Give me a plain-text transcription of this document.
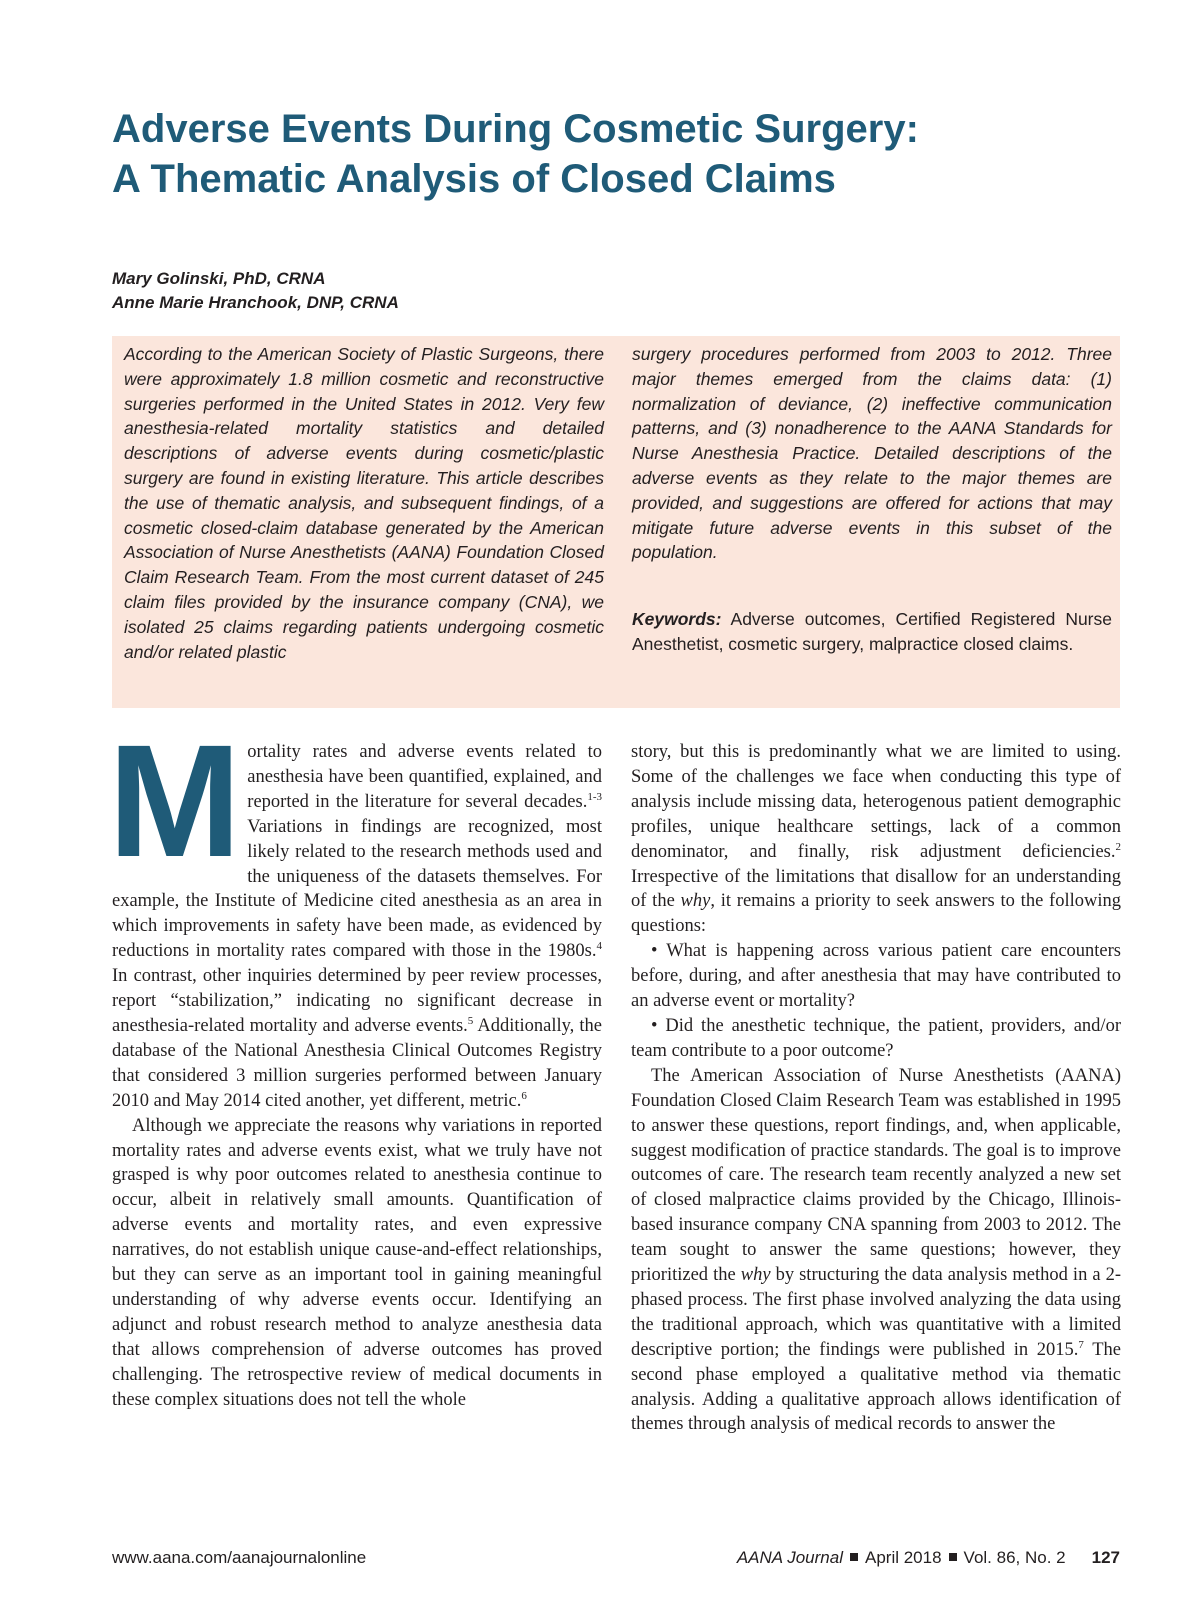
Adverse Events During Cosmetic Surgery:
A Thematic Analysis of Closed Claims
Mary Golinski, PhD, CRNA
Anne Marie Hranchook, DNP, CRNA
According to the American Society of Plastic Surgeons, there were approximately 1.8 million cosmetic and reconstructive surgeries performed in the United States in 2012. Very few anesthesia-related mortality statistics and detailed descriptions of adverse events during cosmetic/plastic surgery are found in existing literature. This article describes the use of thematic analysis, and subsequent findings, of a cosmetic closed-claim database generated by the American Association of Nurse Anesthetists (AANA) Foundation Closed Claim Research Team. From the most current dataset of 245 claim files provided by the insurance company (CNA), we isolated 25 claims regarding patients undergoing cosmetic and/or related plastic
surgery procedures performed from 2003 to 2012. Three major themes emerged from the claims data: (1) normalization of deviance, (2) ineffective communication patterns, and (3) nonadherence to the AANA Standards for Nurse Anesthesia Practice. Detailed descriptions of the adverse events as they relate to the major themes are provided, and suggestions are offered for actions that may mitigate future adverse events in this subset of the population.
Keywords: Adverse outcomes, Certified Registered Nurse Anesthetist, cosmetic surgery, malpractice closed claims.

Mortality rates and adverse events related to anesthesia have been quantified, explained, and reported in the literature for several decades.$^{1-3}$ Variations in findings are recognized, most likely related to the research methods used and the uniqueness of the datasets themselves. For example, the Institute of Medicine cited anesthesia as an area in which improvements in safety have been made, as evidenced by reductions in mortality rates compared with those in the 1980s.$^4$ In contrast, other inquiries determined by peer review processes, report “stabilization,” indicating no significant decrease in anesthesia-related mortality and adverse events.$^5$ Additionally, the database of the National Anesthesia Clinical Outcomes Registry that considered 3 million surgeries performed between January 2010 and May 2014 cited another, yet different, metric.$^6$

Although we appreciate the reasons why variations in reported mortality rates and adverse events exist, what we truly have not grasped is why poor outcomes related to anesthesia continue to occur, albeit in relatively small amounts. Quantification of adverse events and mortality rates, and even expressive narratives, do not establish unique cause-and-effect relationships, but they can serve as an important tool in gaining meaningful understanding of why adverse events occur. Identifying an adjunct and robust research method to analyze anesthesia data that allows comprehension of adverse outcomes has proved challenging. The retrospective review of medical documents in these complex situations does not tell the whole

story, but this is predominantly what we are limited to using. Some of the challenges we face when conducting this type of analysis include missing data, heterogenous patient demographic profiles, unique healthcare settings, lack of a common denominator, and finally, risk adjustment deficiencies.$^2$ Irrespective of the limitations that disallow for an understanding of the why, it remains a priority to seek answers to the following questions:

• What is happening across various patient care encounters before, during, and after anesthesia that may have contributed to an adverse event or mortality?

• Did the anesthetic technique, the patient, providers, and/or team contribute to a poor outcome?

The American Association of Nurse Anesthetists (AANA) Foundation Closed Claim Research Team was established in 1995 to answer these questions, report findings, and, when applicable, suggest modification of practice standards. The goal is to improve outcomes of care. The research team recently analyzed a new set of closed malpractice claims provided by the Chicago, Illinois-based insurance company CNA spanning from 2003 to 2012. The team sought to answer the same questions; however, they prioritized the why by structuring the data analysis method in a 2-phased process. The first phase involved analyzing the data using the traditional approach, which was quantitative with a limited descriptive portion; the findings were published in 2015.$^7$ The second phase employed a qualitative method via thematic analysis. Adding a qualitative approach allows identification of themes through analysis of medical records to answer the

www.aana.com/aanajournalonline	AANA Journal April 2018 Vol. 86, No. 2 127
